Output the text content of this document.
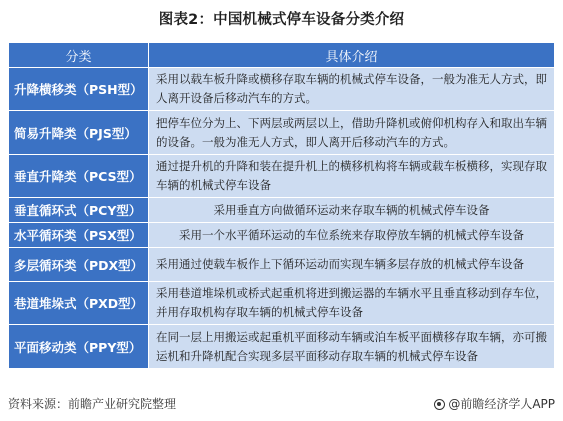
图表2：中国机械式停车设备分类介绍
分类	具体介绍
升降横移类（PSH型）	采用以载车板升降或横移存取车辆的机械式停车设备，一般为准无人方式，即人离开设备后移动汽车的方式。
简易升降类（PJS型）	把停车位分为上、下两层或两层以上，借助升降机或俯仰机构存入和取出车辆的设备。一般为准无人方式，即人离开后移动汽车的方式。
垂直升降类（PCS型）	通过提升机的升降和装在提升机上的横移机构将车辆或载车板横移，实现存取车辆的机械式停车设备
垂直循环式（PCY型）	采用垂直方向做循环运动来存取车辆的机械式停车设备
水平循环类（PSX型）	采用一个水平循环运动的车位系统来存取停放车辆的机械式停车设备
多层循环类（PDX型）	采用通过使载车板作上下循环运动而实现车辆多层存放的机械式停车设备
巷道堆垛式（PXD型）	采用巷道堆垛机或桥式起重机将进到搬运器的车辆水平且垂直移动到存车位，并用存取机构存取车辆的机械式停车设备
平面移动类（PPY型）	在同一层上用搬运或起重机平面移动车辆或泊车板平面横移存取车辆，亦可搬运机和升降机配合实现多层平面移动存取车辆的机械式停车设备
资料来源：前瞻产业研究院整理	@前瞻经济学人APP
